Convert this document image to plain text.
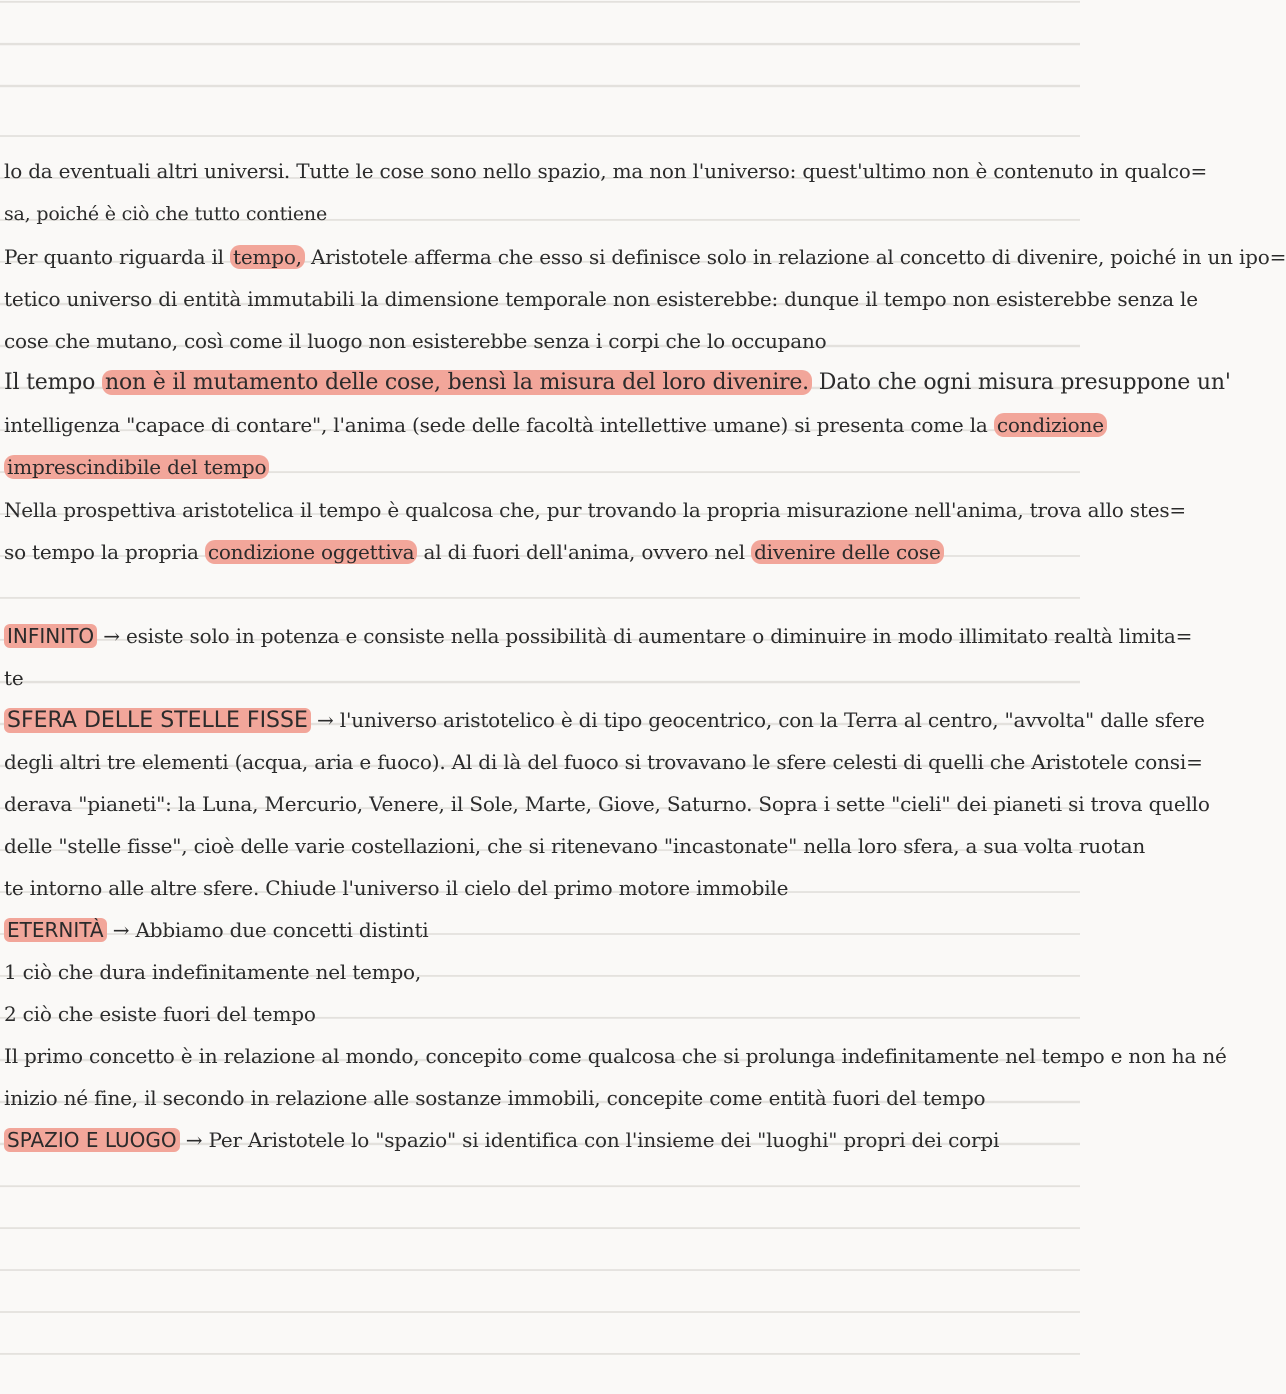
lo da eventuali altri universi. Tutte le cose sono nello spazio, ma non l'universo: quest'ultimo non è contenuto in qualco=
sa, poiché è ciò che tutto contiene
Per quanto riguarda il tempo, Aristotele afferma che esso si definisce solo in relazione al concetto di divenire, poiché in un ipo=
tetico universo di entità immutabili la dimensione temporale non esisterebbe: dunque il tempo non esisterebbe senza le
cose che mutano, così come il luogo non esisterebbe senza i corpi che lo occupano
Il tempo non è il mutamento delle cose, bensì la misura del loro divenire. Dato che ogni misura presuppone un'
intelligenza "capace di contare", l'anima (sede delle facoltà intellettive umane) si presenta come la condizione
imprescindibile del tempo
Nella prospettiva aristotelica il tempo è qualcosa che, pur trovando la propria misurazione nell'anima, trova allo stes=
so tempo la propria condizione oggettiva al di fuori dell'anima, ovvero nel divenire delle cose
INFINITO → esiste solo in potenza e consiste nella possibilità di aumentare o diminuire in modo illimitato realtà limita=
te
SFERA DELLE STELLE FISSE → l'universo aristotelico è di tipo geocentrico, con la Terra al centro, "avvolta" dalle sfere
degli altri tre elementi (acqua, aria e fuoco). Al di là del fuoco si trovavano le sfere celesti di quelli che Aristotele consi=
derava "pianeti": la Luna, Mercurio, Venere, il Sole, Marte, Giove, Saturno. Sopra i sette "cieli" dei pianeti si trova quello
delle "stelle fisse", cioè delle varie costellazioni, che si ritenevano "incastonate" nella loro sfera, a sua volta ruotan
te intorno alle altre sfere. Chiude l'universo il cielo del primo motore immobile
ETERNITÀ → Abbiamo due concetti distinti
1 ciò che dura indefinitamente nel tempo,
2 ciò che esiste fuori del tempo
Il primo concetto è in relazione al mondo, concepito come qualcosa che si prolunga indefinitamente nel tempo e non ha né
inizio né fine, il secondo in relazione alle sostanze immobili, concepite come entità fuori del tempo
SPAZIO E LUOGO → Per Aristotele lo "spazio" si identifica con l'insieme dei "luoghi" propri dei corpi
